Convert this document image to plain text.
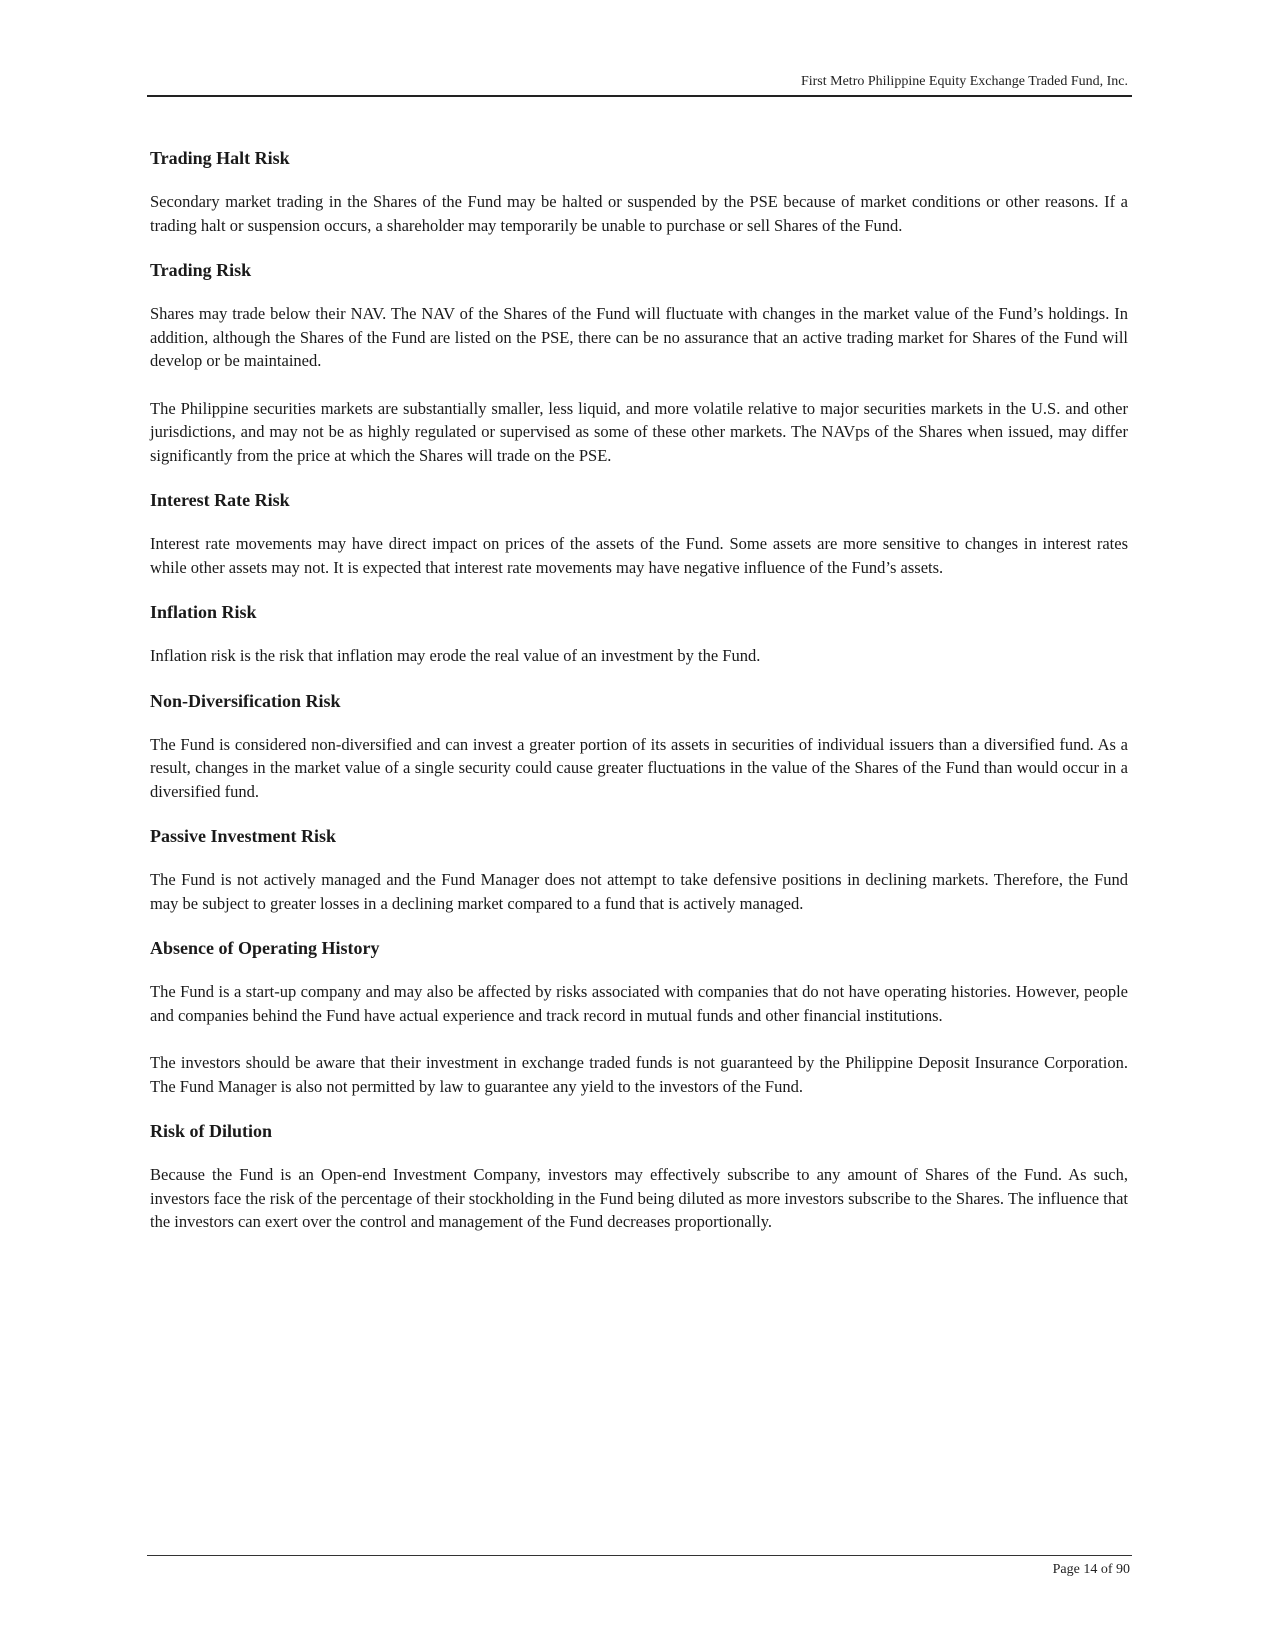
First Metro Philippine Equity Exchange Traded Fund, Inc.
Trading Halt Risk

Secondary market trading in the Shares of the Fund may be halted or suspended by the PSE because of market conditions or other reasons. If a trading halt or suspension occurs, a shareholder may temporarily be unable to purchase or sell Shares of the Fund.

Trading Risk

Shares may trade below their NAV. The NAV of the Shares of the Fund will fluctuate with changes in the market value of the Fund’s holdings. In addition, although the Shares of the Fund are listed on the PSE, there can be no assurance that an active trading market for Shares of the Fund will develop or be maintained.

The Philippine securities markets are substantially smaller, less liquid, and more volatile relative to major securities markets in the U.S. and other jurisdictions, and may not be as highly regulated or supervised as some of these other markets. The NAVps of the Shares when issued, may differ significantly from the price at which the Shares will trade on the PSE.

Interest Rate Risk

Interest rate movements may have direct impact on prices of the assets of the Fund. Some assets are more sensitive to changes in interest rates while other assets may not. It is expected that interest rate movements may have negative influence of the Fund’s assets.

Inflation Risk

Inflation risk is the risk that inflation may erode the real value of an investment by the Fund.

Non-Diversification Risk

The Fund is considered non-diversified and can invest a greater portion of its assets in securities of individual issuers than a diversified fund. As a result, changes in the market value of a single security could cause greater fluctuations in the value of the Shares of the Fund than would occur in a diversified fund.

Passive Investment Risk

The Fund is not actively managed and the Fund Manager does not attempt to take defensive positions in declining markets. Therefore, the Fund may be subject to greater losses in a declining market compared to a fund that is actively managed.

Absence of Operating History

The Fund is a start-up company and may also be affected by risks associated with companies that do not have operating histories. However, people and companies behind the Fund have actual experience and track record in mutual funds and other financial institutions.

The investors should be aware that their investment in exchange traded funds is not guaranteed by the Philippine Deposit Insurance Corporation. The Fund Manager is also not permitted by law to guarantee any yield to the investors of the Fund.

Risk of Dilution

Because the Fund is an Open-end Investment Company, investors may effectively subscribe to any amount of Shares of the Fund. As such, investors face the risk of the percentage of their stockholding in the Fund being diluted as more investors subscribe to the Shares. The influence that the investors can exert over the control and management of the Fund decreases proportionally.

Page 14 of 90
